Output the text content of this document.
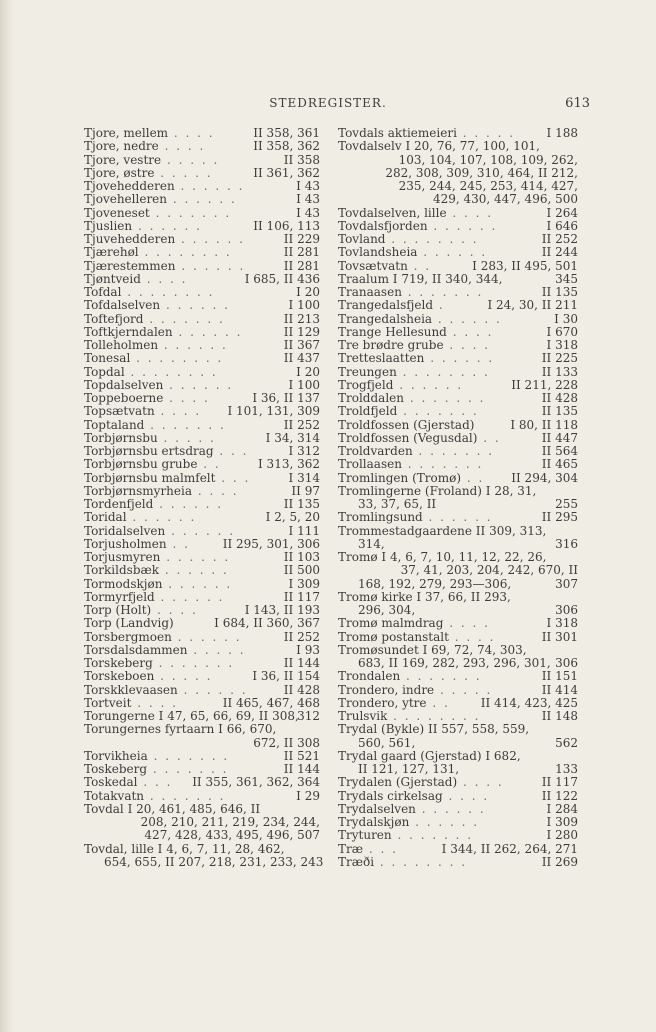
STEDREGISTER.	613
Tjore, mellem . . . .	II 358, 361
Tjore, nedre . . . .	II 358, 362
Tjore, vestre . . . . .	II 358
Tjore, østre . . . . .	II 361, 362
Tjovehedderen . . . . . .	I 43
Tjovehelleren . . . . . .	I 43
Tjoveneset . . . . . . .	I 43
Tjuslien . . . . . .	II 106, 113
Tjuvehedderen . . . . . .	II 229
Tjærehøl . . . . . . . .	II 281
Tjærestemmen . . . . . .	II 281
Tjøntveid . . . .	I 685, II 436
Tofdal . . . . . . . .	I 20
Tofdalselven . . . . . .	I 100
Toftefjord . . . . . . .	II 213
Toftkjerndalen . . . . . .	II 129
Tolleholmen . . . . . .	II 367
Tonesal . . . . . . . .	II 437
Topdal . . . . . . . .	I 20
Topdalselven . . . . . .	I 100
Toppeboerne . . . .	I 36, II 137
Topsætvatn . . . . I 101, 131, 309
Toptaland . . . . . . .	II 252
Torbjørnsbu . . . . .	I 34, 314
Torbjørnsbu ertsdrag . . .	I 312
Torbjørnsbu grube . .	I 313, 362
Torbjørnsbu malmfelt . . .	I 314
Torbjørnsmyrheia . . . .	II 97
Tordenfjeld . . . . . .	II 135
Toridal . . . . . .	I 2, 5, 20
Toridalselven . . . . . .	I 111
Torjusholmen . .	II 295, 301, 306
Torjusmyren . . . . . .	II 103
Torkildsbæk . . . . . .	II 500
Tormodskjøn . . . . . .	I 309
Tormyrfjeld . . . . . .	II 117
Torp (Holt) . . . .	I 143, II 193
Torp (Landvig)	I 684, II 360, 367
Torsbergmoen . . . . . .	II 252
Torsdalsdammen . . . . .	I 93
Torskeberg . . . . . . .	II 144
Torskeboen . . . . .	I 36, II 154
Torskklevaasen . . . . . .	II 428
Tortveit . . . .	II 465, 467, 468
Torungerne I 47, 65, 66, 69, II 308,
312
Torungernes fyrtaarn I 66, 670,
672, II 308
Torvikheia . . . . . . .	II 521
Toskeberg . . . . . . .	II 144
Toskedal . . . II 355, 361, 362, 364
Totakvatn . . . . . . .	I 29
Tovdal I 20, 461, 485, 646, II
208, 210, 211, 219, 234, 244,
427, 428, 433, 495, 496, 507
Tovdal, lille I 4, 6, 7, 11, 28, 462,
654, 655, II 207, 218, 231, 233, 243
Tovdals aktiemeieri . . . . .	I 188
Tovdalselv I 20, 76, 77, 100, 101,
103, 104, 107, 108, 109, 262,
282, 308, 309, 310, 464, II 212,
235, 244, 245, 253, 414, 427,
429, 430, 447, 496, 500
Tovdalselven, lille . . . .	I 264
Tovdalsfjorden . . . . . .	I 646
Tovland . . . . . . . .	II 252
Tovlandsheia . . . . . .	II 244
Tovsætvatn . .	I 283, II 495, 501
Traalum I 719, II 340, 344,	345
Tranaasen . . . . . . .	II 135
Trangedalsfjeld .	I 24, 30, II 211
Trangedalsheia . . . . . .	I 30
Trange Hellesund . . . .	I 670
Tre brødre grube . . . .	I 318
Tretteslaatten . . . . . .	II 225
Treungen . . . . . . . .	II 133
Trogfjeld . . . . . .	II 211, 228
Trolddalen . . . . . . .	II 428
Troldfjeld . . . . . . .	II 135
Troldfossen (Gjerstad)	I 80, II 118
Troldfossen (Vegusdal) . .	II 447
Troldvarden . . . . . . .	II 564
Trollaasen . . . . . . .	II 465
Tromlingen (Tromø) . . II 294, 304
Tromlingerne (Froland) I 28, 31,
33, 37, 65, II	255
Tromlingsund . . . . . .	II 295
Trommestadgaardene II 309, 313,
314,	316
Tromø I 4, 6, 7, 10, 11, 12, 22, 26,
37, 41, 203, 204, 242, 670, II
168, 192, 279, 293—306,	307
Tromø kirke I 37, 66, II 293,
296, 304,	306
Tromø malmdrag . . . .	I 318
Tromø postanstalt . . . .	II 301
Tromøsundet I 69, 72, 74, 303,
683, II 169, 282, 293, 296, 301, 306
Trondalen . . . . . . .	II 151
Trondero, indre . . . . .	II 414
Trondero, ytre . .	II 414, 423, 425
Trulsvik . . . . . . . .	II 148
Trydal (Bykle) II 557, 558, 559,
560, 561,	562
Trydal gaard (Gjerstad) I 682,
II 121, 127, 131,	133
Trydalen (Gjerstad) . . . .	II 117
Trydals cirkelsag . . . .	II 122
Trydalselven . . . . . .	I 284
Trydalskjøn . . . . . .	I 309
Tryturen . . . . . . .	I 280
Træ . . .	I 344, II 262, 264, 271
Træði . . . . . . . .	II 269
